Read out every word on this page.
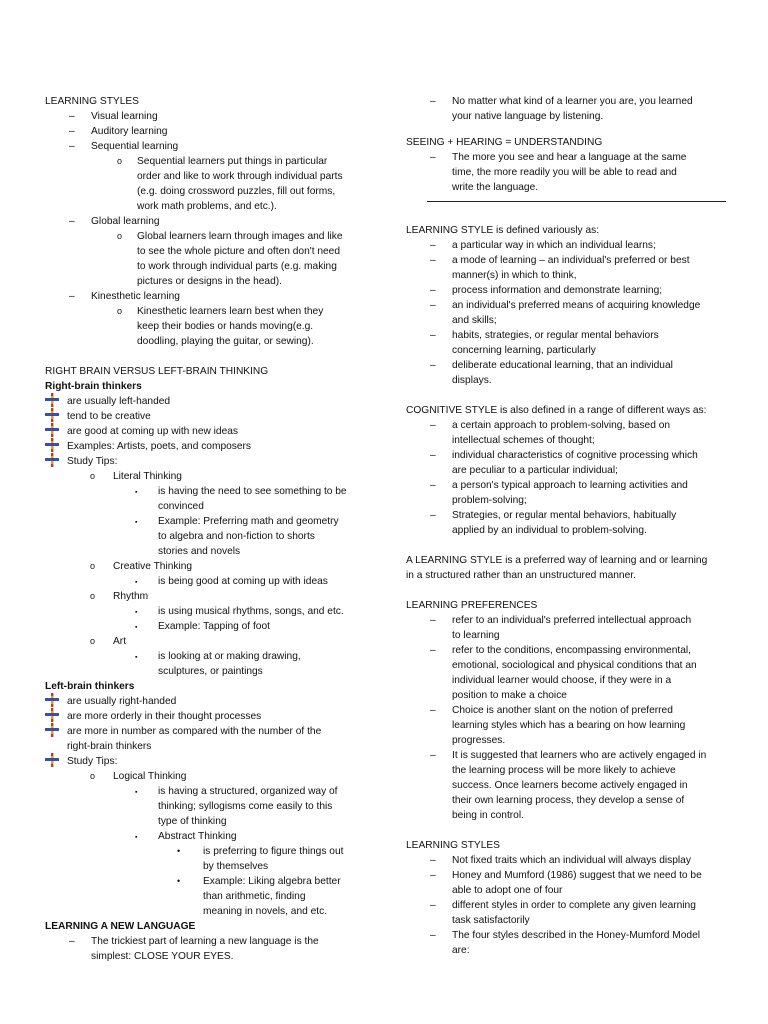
LEARNING STYLES
– Visual learning
– Auditory learning
– Sequential learning
o Sequential learners put things in particular
order and like to work through individual parts
(e.g. doing crossword puzzles, fill out forms,
work math problems, and etc.).
– Global learning
o Global learners learn through images and like
to see the whole picture and often don't need
to work through individual parts (e.g. making
pictures or designs in the head).
– Kinesthetic learning
o Kinesthetic learners learn best when they
keep their bodies or hands moving(e.g.
doodling, playing the guitar, or sewing).
RIGHT BRAIN VERSUS LEFT-BRAIN THINKING
Right-brain thinkers
are usually left-handed
tend to be creative
are good at coming up with new ideas
Examples: Artists, poets, and composers
Study Tips:
o Literal Thinking
▪ is having the need to see something to be
convinced
▪ Example: Preferring math and geometry
to algebra and non-fiction to shorts
stories and novels
o Creative Thinking
▪ is being good at coming up with ideas
o Rhythm
▪ is using musical rhythms, songs, and etc.
▪ Example: Tapping of foot
o Art
▪ is looking at or making drawing,
sculptures, or paintings
Left-brain thinkers
are usually right-handed
are more orderly in their thought processes
are more in number as compared with the number of the
right-brain thinkers
Study Tips:
o Logical Thinking
▪ is having a structured, organized way of
thinking; syllogisms come easily to this
type of thinking
▪ Abstract Thinking
• is preferring to figure things out
by themselves
• Example: Liking algebra better
than arithmetic, finding
meaning in novels, and etc.
LEARNING A NEW LANGUAGE
– The trickiest part of learning a new language is the
simplest: CLOSE YOUR EYES.
– No matter what kind of a learner you are, you learned
your native language by listening.
SEEING + HEARING = UNDERSTANDING
– The more you see and hear a language at the same
time, the more readily you will be able to read and
write the language.
LEARNING STYLE is defined variously as:
– a particular way in which an individual learns;
– a mode of learning – an individual's preferred or best
manner(s) in which to think,
– process information and demonstrate learning;
– an individual's preferred means of acquiring knowledge
and skills;
– habits, strategies, or regular mental behaviors
concerning learning, particularly
– deliberate educational learning, that an individual
displays.
COGNITIVE STYLE is also defined in a range of different ways as:
– a certain approach to problem-solving, based on
intellectual schemes of thought;
– individual characteristics of cognitive processing which
are peculiar to a particular individual;
– a person's typical approach to learning activities and
problem-solving;
– Strategies, or regular mental behaviors, habitually
applied by an individual to problem-solving.
A LEARNING STYLE is a preferred way of learning and or learning
in a structured rather than an unstructured manner.
LEARNING PREFERENCES
– refer to an individual's preferred intellectual approach
to learning
– refer to the conditions, encompassing environmental,
emotional, sociological and physical conditions that an
individual learner would choose, if they were in a
position to make a choice
– Choice is another slant on the notion of preferred
learning styles which has a bearing on how learning
progresses.
– It is suggested that learners who are actively engaged in
the learning process will be more likely to achieve
success. Once learners become actively engaged in
their own learning process, they develop a sense of
being in control.
LEARNING STYLES
– Not fixed traits which an individual will always display
– Honey and Mumford (1986) suggest that we need to be
able to adopt one of four
– different styles in order to complete any given learning
task satisfactorily
– The four styles described in the Honey-Mumford Model
are:
